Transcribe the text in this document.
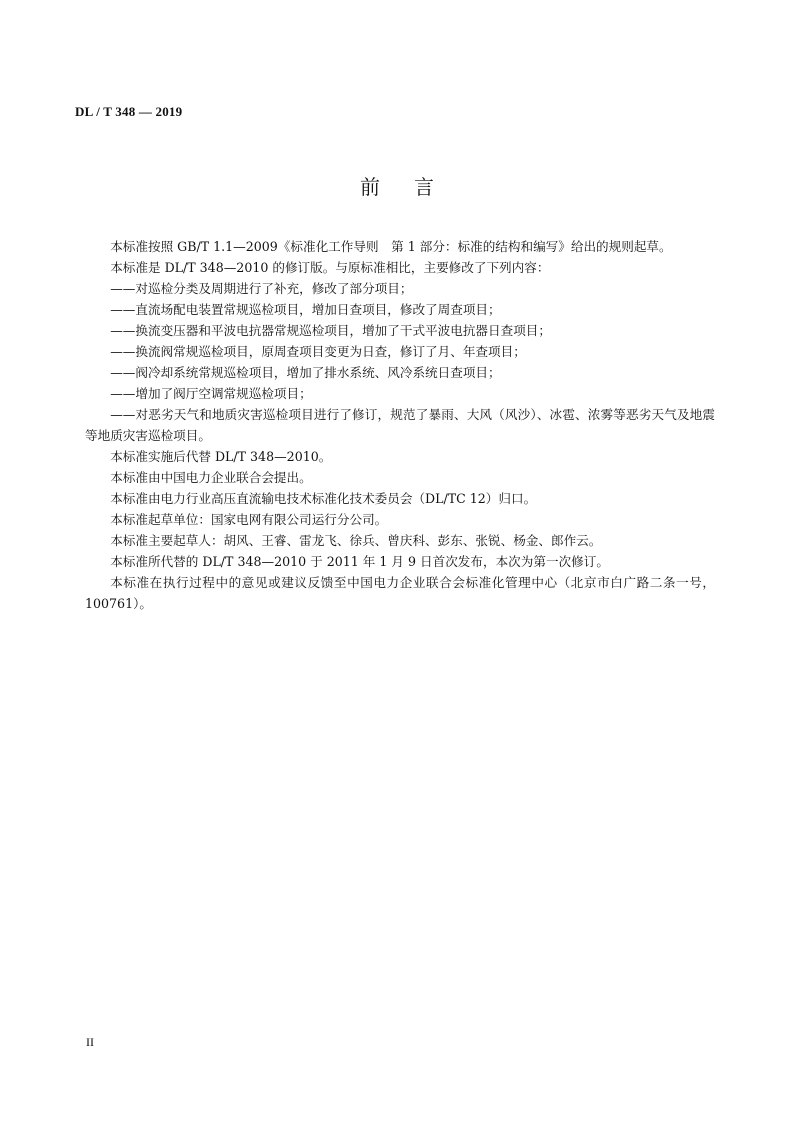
DL / T 348 — 2019
前 言

本标准按照 GB/T 1.1—2009《标准化工作导则　第 1 部分：标准的结构和编写》给出的规则起草。

本标准是 DL/T 348—2010 的修订版。与原标准相比，主要修改了下列内容：

——对巡检分类及周期进行了补充，修改了部分项目；

——直流场配电装置常规巡检项目，增加日查项目，修改了周查项目；

——换流变压器和平波电抗器常规巡检项目，增加了干式平波电抗器日查项目；

——换流阀常规巡检项目，原周查项目变更为日查，修订了月、年查项目；

——阀冷却系统常规巡检项目，增加了排水系统、风冷系统日查项目；

——增加了阀厅空调常规巡检项目；

——对恶劣天气和地质灾害巡检项目进行了修订，规范了暴雨、大风（风沙）、冰雹、浓雾等恶劣天气及地震等地质灾害巡检项目。

本标准实施后代替 DL/T 348—2010。

本标准由中国电力企业联合会提出。

本标准由电力行业高压直流输电技术标准化技术委员会（DL/TC 12）归口。

本标准起草单位：国家电网有限公司运行分公司。

本标准主要起草人：胡风、王睿、雷龙飞、徐兵、曾庆科、彭东、张锐、杨金、郎作云。

本标准所代替的 DL/T 348—2010 于 2011 年 1 月 9 日首次发布，本次为第一次修订。

本标准在执行过程中的意见或建议反馈至中国电力企业联合会标准化管理中心（北京市白广路二条一号，100761）。

II
